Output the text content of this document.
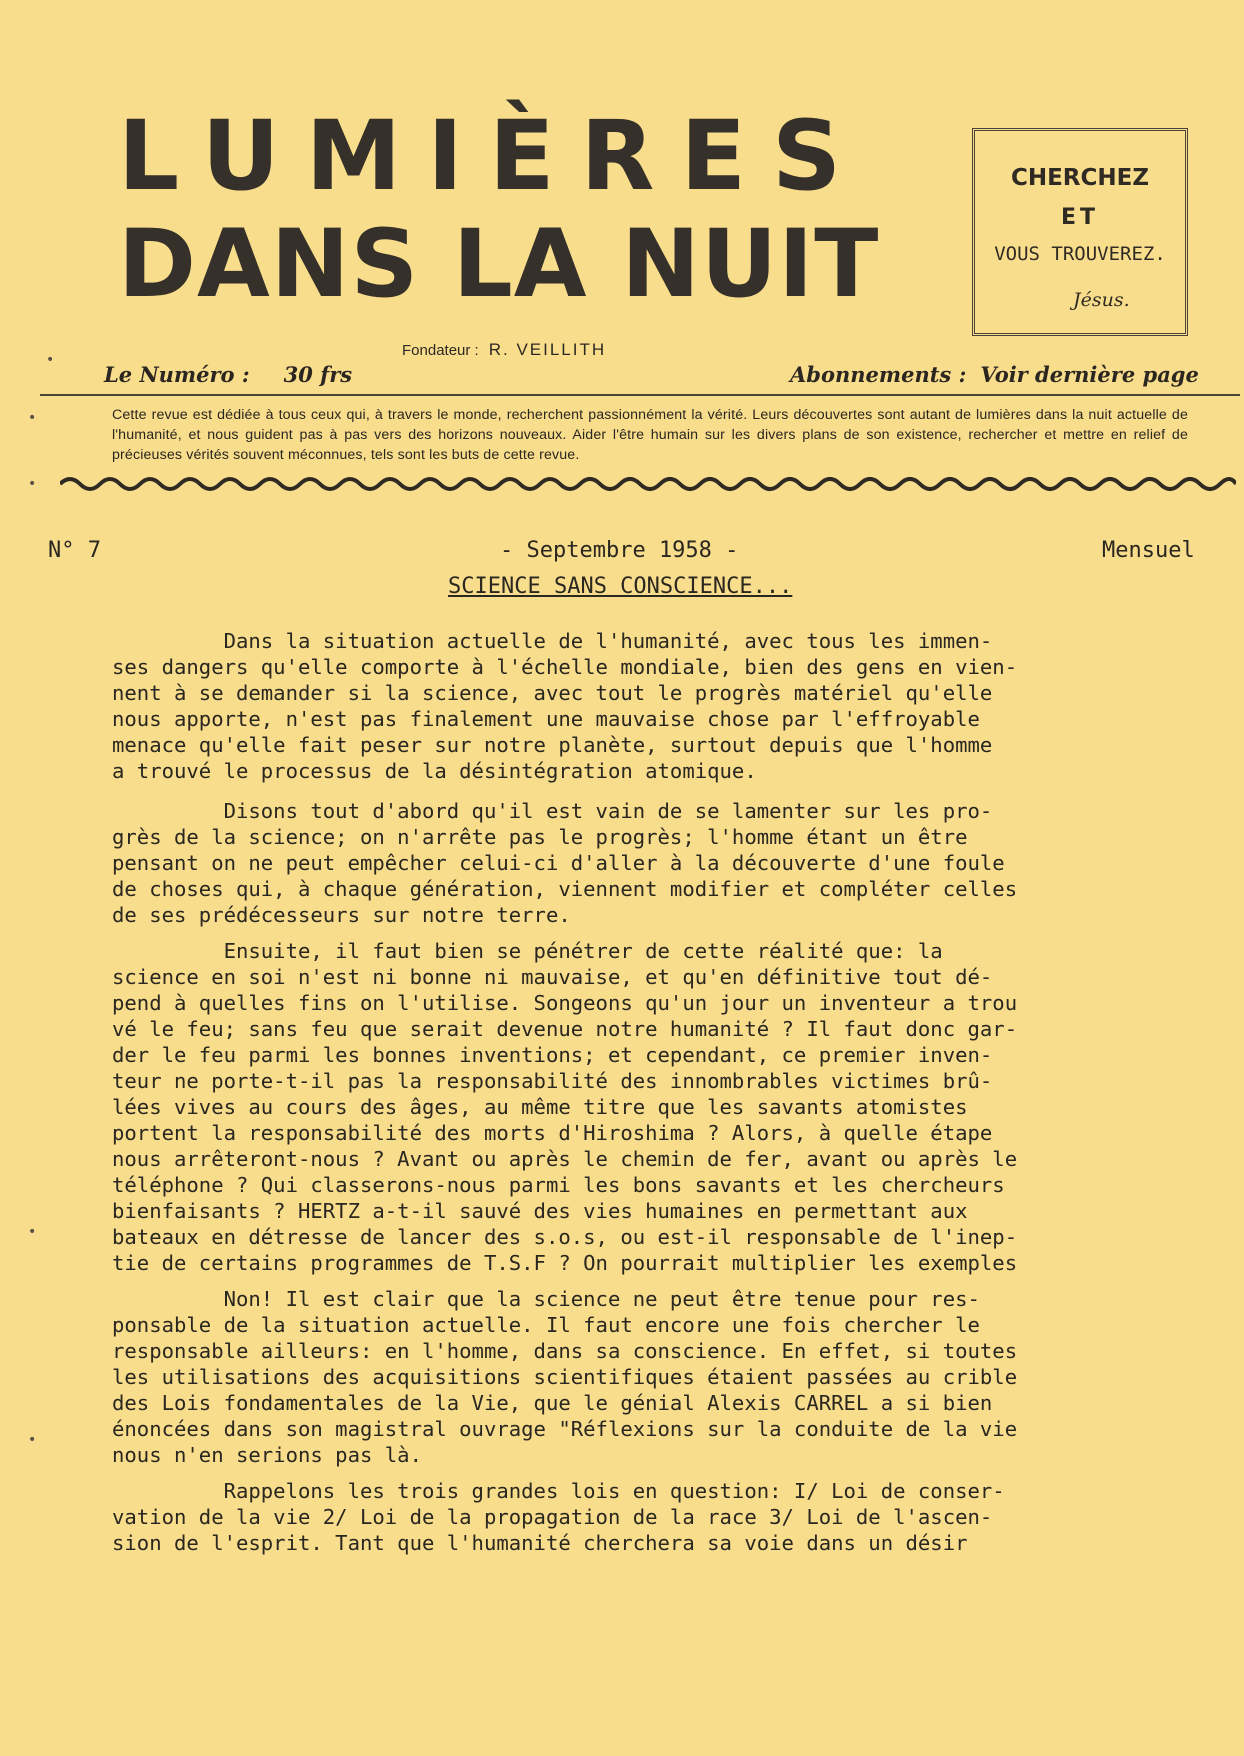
LUMIÈRES
DANS LA NUIT
CHERCHEZ
ET
VOUS TROUVEREZ.
Jésus.
Fondateur : R. VEILLITH
Le Numéro : 30 frs	Abonnements : Voir dernière page
Cette revue est dédiée à tous ceux qui, à travers le monde, recherchent passionnément la vérité. Leurs découvertes sont autant de lumières dans la nuit actuelle de l'humanité, et nous guident pas à pas vers des horizons nouveaux. Aider l'être humain sur les divers plans de son existence, rechercher et mettre en relief de précieuses vérités souvent méconnues, tels sont les buts de cette revue.
N° 7	- Septembre 1958 -	Mensuel
SCIENCE SANS CONSCIENCE...
Dans la situation actuelle de l'humanité, avec tous les immen-
ses dangers qu'elle comporte à l'échelle mondiale, bien des gens en vien-
nent à se demander si la science, avec tout le progrès matériel qu'elle
nous apporte, n'est pas finalement une mauvaise chose par l'effroyable
menace qu'elle fait peser sur notre planète, surtout depuis que l'homme
a trouvé le processus de la désintégration atomique.
Disons tout d'abord qu'il est vain de se lamenter sur les pro-
grès de la science; on n'arrête pas le progrès; l'homme étant un être
pensant on ne peut empêcher celui-ci d'aller à la découverte d'une foule
de choses qui, à chaque génération, viennent modifier et compléter celles
de ses prédécesseurs sur notre terre.
Ensuite, il faut bien se pénétrer de cette réalité que: la
science en soi n'est ni bonne ni mauvaise, et qu'en définitive tout dé-
pend à quelles fins on l'utilise. Songeons qu'un jour un inventeur a trou
vé le feu; sans feu que serait devenue notre humanité ? Il faut donc gar-
der le feu parmi les bonnes inventions; et cependant, ce premier inven-
teur ne porte-t-il pas la responsabilité des innombrables victimes brû-
lées vives au cours des âges, au même titre que les savants atomistes
portent la responsabilité des morts d'Hiroshima ? Alors, à quelle étape
nous arrêteront-nous ? Avant ou après le chemin de fer, avant ou après le
téléphone ? Qui classerons-nous parmi les bons savants et les chercheurs
bienfaisants ? HERTZ a-t-il sauvé des vies humaines en permettant aux
bateaux en détresse de lancer des s.o.s, ou est-il responsable de l'inep-
tie de certains programmes de T.S.F ? On pourrait multiplier les exemples
Non! Il est clair que la science ne peut être tenue pour res-
ponsable de la situation actuelle. Il faut encore une fois chercher le
responsable ailleurs: en l'homme, dans sa conscience. En effet, si toutes
les utilisations des acquisitions scientifiques étaient passées au crible
des Lois fondamentales de la Vie, que le génial Alexis CARREL a si bien
énoncées dans son magistral ouvrage "Réflexions sur la conduite de la vie
nous n'en serions pas là.
Rappelons les trois grandes lois en question: I/ Loi de conser-
vation de la vie 2/ Loi de la propagation de la race 3/ Loi de l'ascen-
sion de l'esprit. Tant que l'humanité cherchera sa voie dans un désir
•
•
•
•
•
